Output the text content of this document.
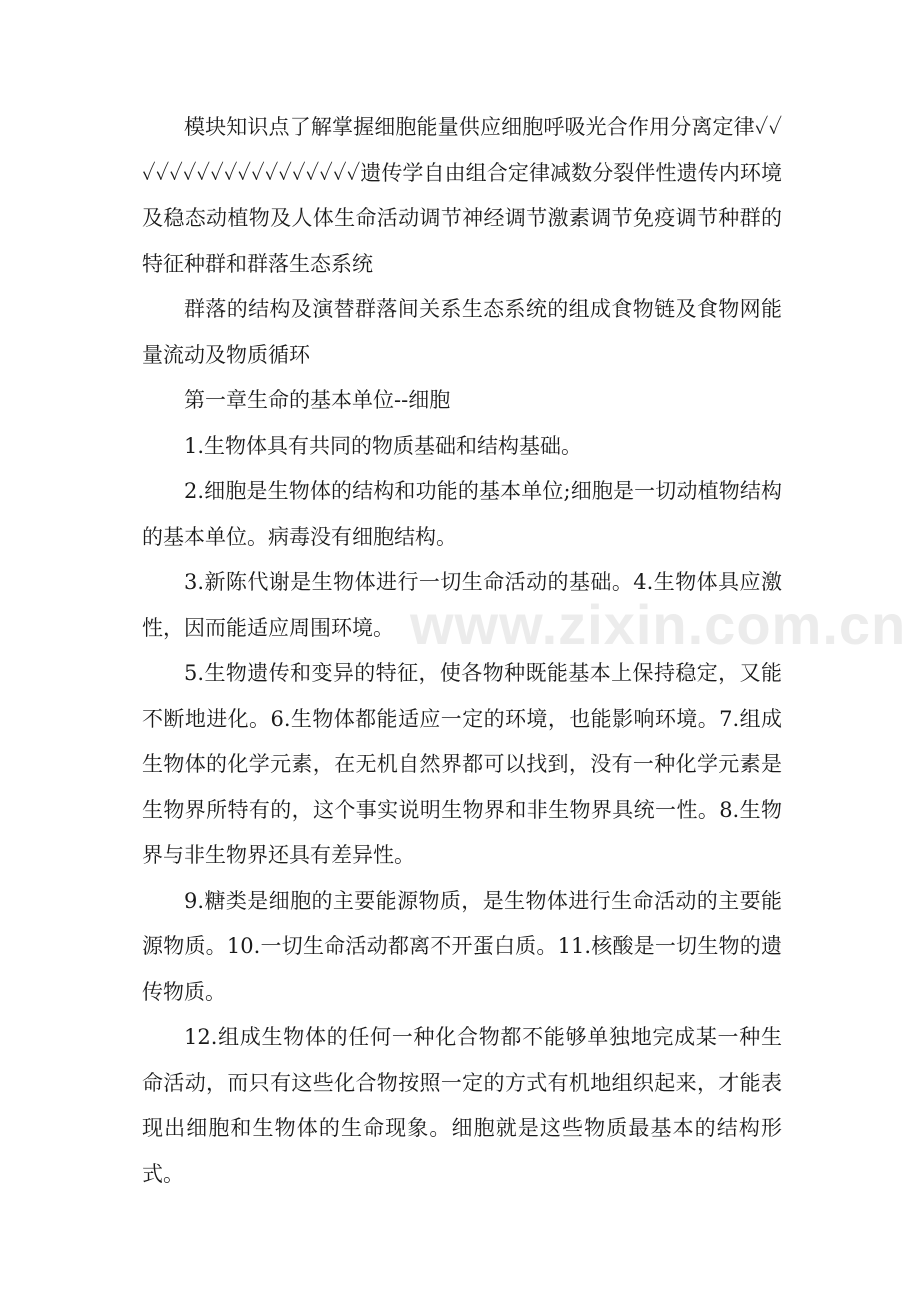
www.zixin.com.cn

模块知识点了解掌握细胞能量供应细胞呼吸光合作用分离定律✓✓✓✓✓✓✓✓✓✓✓✓✓✓✓✓✓✓遗传学自由组合定律减数分裂伴性遗传内环境及稳态动植物及人体生命活动调节神经调节激素调节免疫调节种群的特征种群和群落生态系统

群落的结构及演替群落间关系生态系统的组成食物链及食物网能量流动及物质循环

第一章生命的基本单位--细胞

1.生物体具有共同的物质基础和结构基础。

2.细胞是生物体的结构和功能的基本单位;细胞是一切动植物结构的基本单位。病毒没有细胞结构。

3.新陈代谢是生物体进行一切生命活动的基础。4.生物体具应激性，因而能适应周围环境。

5.生物遗传和变异的特征，使各物种既能基本上保持稳定，又能不断地进化。6.生物体都能适应一定的环境，也能影响环境。7.组成生物体的化学元素，在无机自然界都可以找到，没有一种化学元素是生物界所特有的，这个事实说明生物界和非生物界具统一性。8.生物界与非生物界还具有差异性。

9.糖类是细胞的主要能源物质，是生物体进行生命活动的主要能源物质。10.一切生命活动都离不开蛋白质。11.核酸是一切生物的遗传物质。

12.组成生物体的任何一种化合物都不能够单独地完成某一种生命活动，而只有这些化合物按照一定的方式有机地组织起来，才能表现出细胞和生物体的生命现象。细胞就是这些物质最基本的结构形式。
